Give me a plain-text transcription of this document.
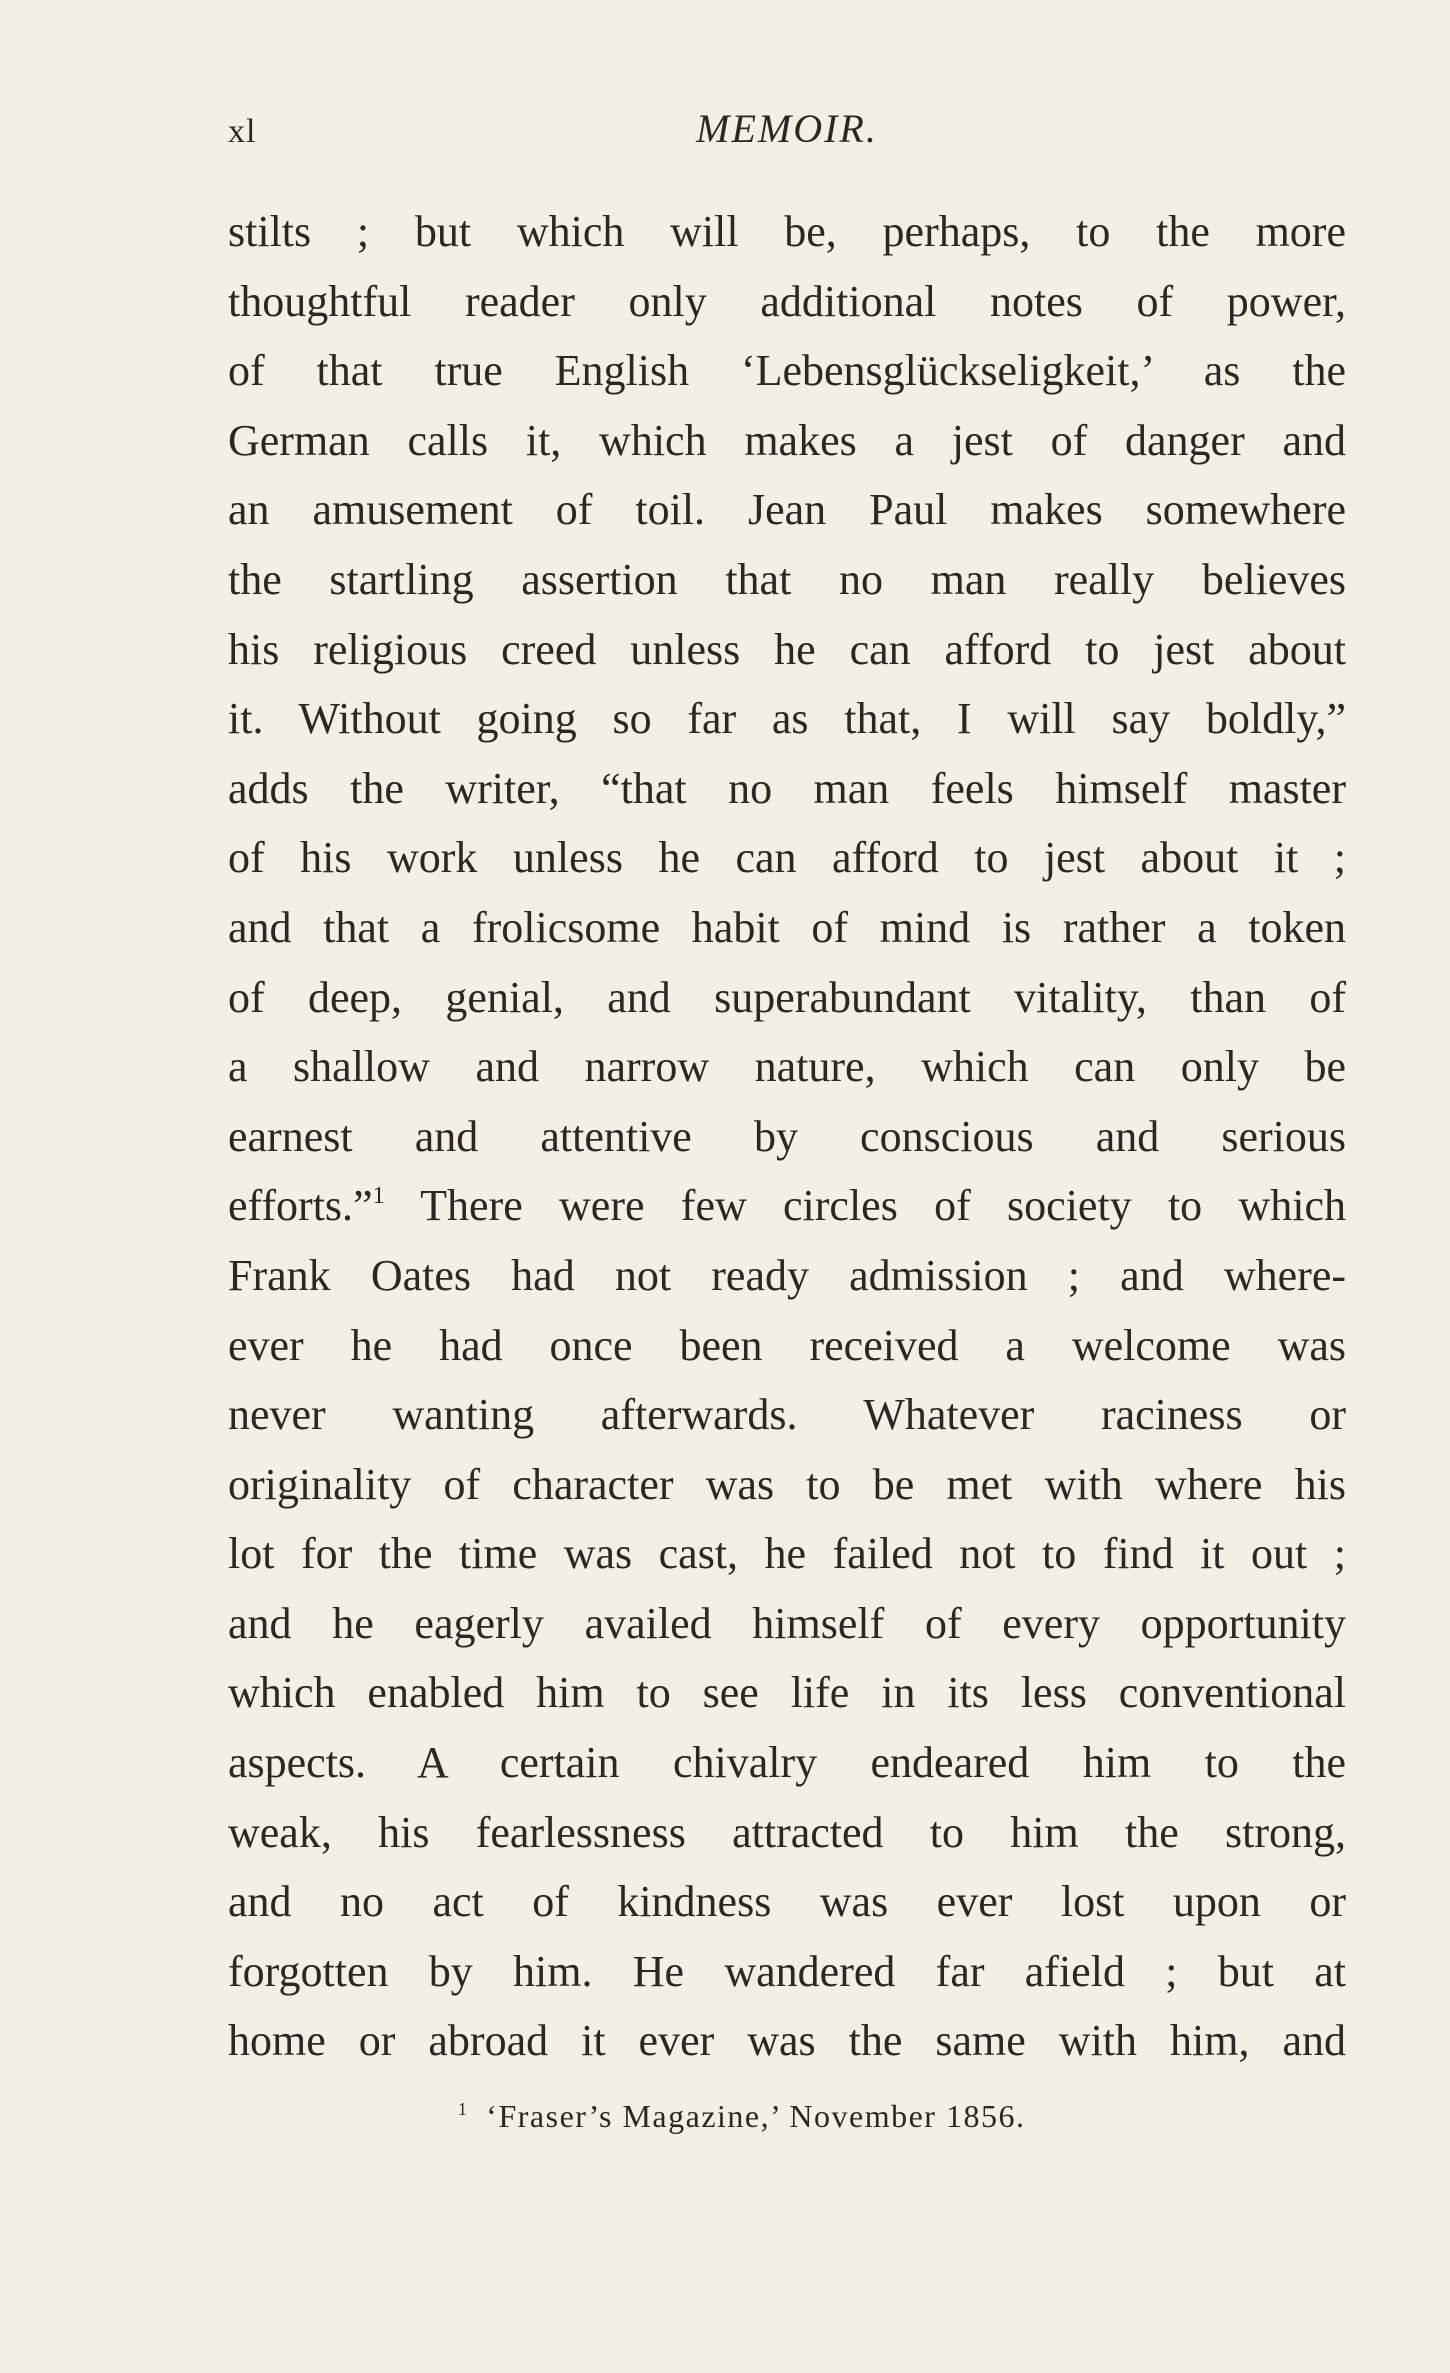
xl	MEMOIR.
stilts ; but which will be, perhaps, to the more
thoughtful reader only additional notes of power,
of that true English ‘Lebensglückseligkeit,’ as the
German calls it, which makes a jest of danger and
an amusement of toil. Jean Paul makes somewhere
the startling assertion that no man really believes
his religious creed unless he can afford to jest about
it. Without going so far as that, I will say boldly,”
adds the writer, “that no man feels himself master
of his work unless he can afford to jest about it ;
and that a frolicsome habit of mind is rather a token
of deep, genial, and superabundant vitality, than of
a shallow and narrow nature, which can only be
earnest and attentive by conscious and serious
efforts.”$^1$ There were few circles of society to which
Frank Oates had not ready admission ; and where-
ever he had once been received a welcome was
never wanting afterwards. Whatever raciness or
originality of character was to be met with where his
lot for the time was cast, he failed not to find it out ;
and he eagerly availed himself of every opportunity
which enabled him to see life in its less conventional
aspects. A certain chivalry endeared him to the
weak, his fearlessness attracted to him the strong,
and no act of kindness was ever lost upon or
forgotten by him. He wandered far afield ; but at
home or abroad it ever was the same with him, and
$^1$ ‘Fraser’s Magazine,’ November 1856.
